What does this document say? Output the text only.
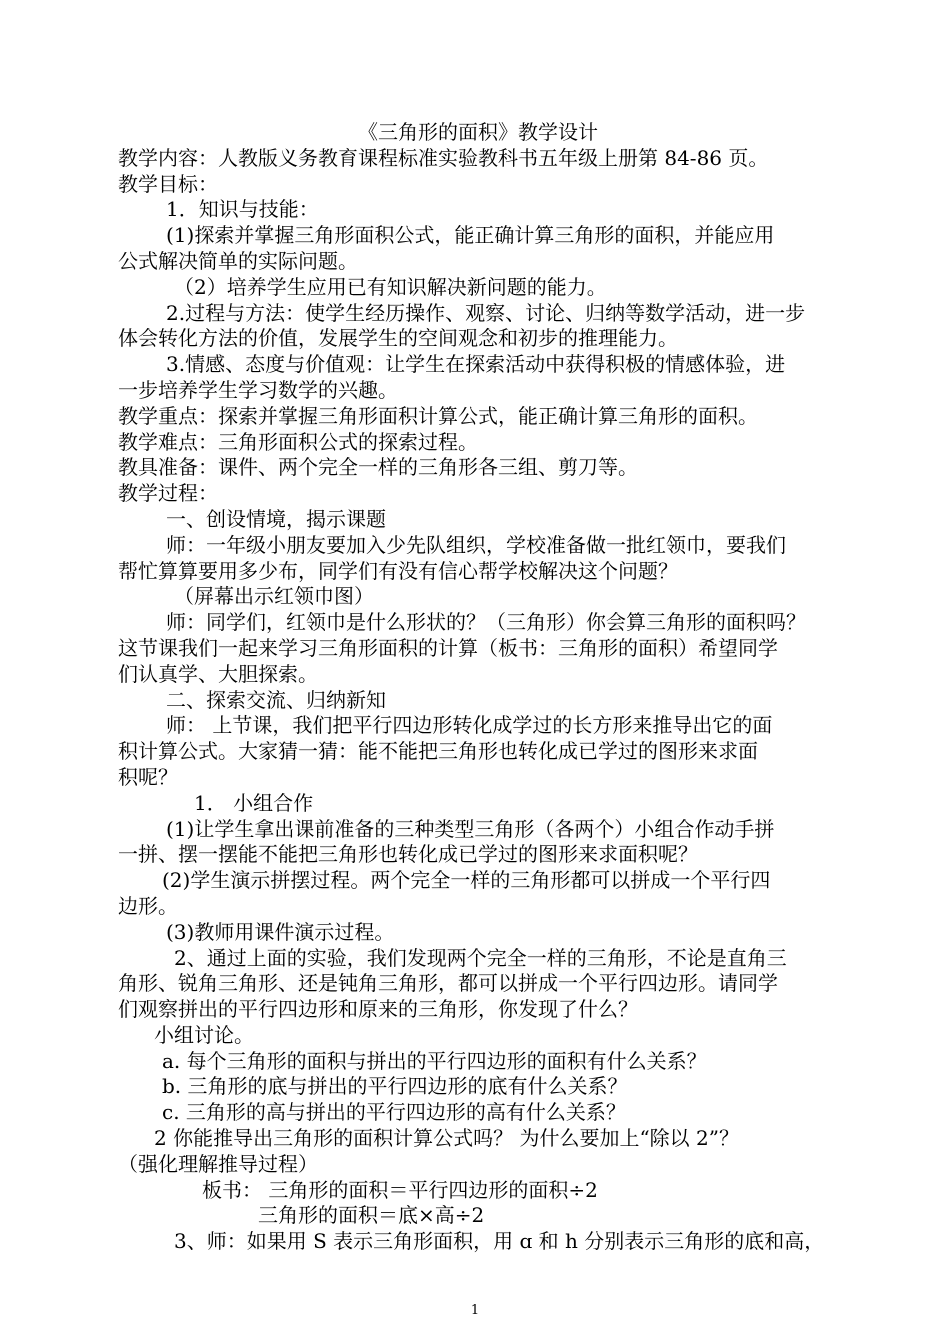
《三角形的面积》教学设计
教学内容：人教版义务教育课程标准实验教科书五年级上册第 84-86 页。
教学目标：
1．知识与技能：
(1)探索并掌握三角形面积公式，能正确计算三角形的面积，并能应用
公式解决简单的实际问题。
（2）培养学生应用已有知识解决新问题的能力。
2.过程与方法：使学生经历操作、观察、讨论、归纳等数学活动，进一步
体会转化方法的价值，发展学生的空间观念和初步的推理能力。
3.情感、态度与价值观：让学生在探索活动中获得积极的情感体验，进
一步培养学生学习数学的兴趣。
教学重点：探索并掌握三角形面积计算公式，能正确计算三角形的面积。
教学难点：三角形面积公式的探索过程。
教具准备：课件、两个完全一样的三角形各三组、剪刀等。
教学过程：
一、创设情境，揭示课题
师：一年级小朋友要加入少先队组织，学校准备做一批红领巾，要我们
帮忙算算要用多少布，同学们有没有信心帮学校解决这个问题？
（屏幕出示红领巾图）
师：同学们，红领巾是什么形状的？（三角形）你会算三角形的面积吗？
这节课我们一起来学习三角形面积的计算（板书：三角形的面积）希望同学
们认真学、大胆探索。
二、探索交流、归纳新知
师： 上节课，我们把平行四边形转化成学过的长方形来推导出它的面
积计算公式。大家猜一猜：能不能把三角形也转化成已学过的图形来求面
积呢？
1． 小组合作
(1)让学生拿出课前准备的三种类型三角形（各两个）小组合作动手拼
一拼、摆一摆能不能把三角形也转化成已学过的图形来求面积呢？
(2)学生演示拼摆过程。两个完全一样的三角形都可以拼成一个平行四
边形。
(3)教师用课件演示过程。
2、通过上面的实验，我们发现两个完全一样的三角形，不论是直角三
角形、锐角三角形、还是钝角三角形，都可以拼成一个平行四边形。请同学
们观察拼出的平行四边形和原来的三角形，你发现了什么？
小组讨论。
a. 每个三角形的面积与拼出的平行四边形的面积有什么关系？
b. 三角形的底与拼出的平行四边形的底有什么关系？
c. 三角形的高与拼出的平行四边形的高有什么关系？
2 你能推导出三角形的面积计算公式吗？ 为什么要加上“除以 2”？
（强化理解推导过程）
板书： 三角形的面积＝平行四边形的面积÷2
三角形的面积＝底×高÷2
3、师：如果用 S 表示三角形面积，用 ɑ 和 h 分别表示三角形的底和高，
1
